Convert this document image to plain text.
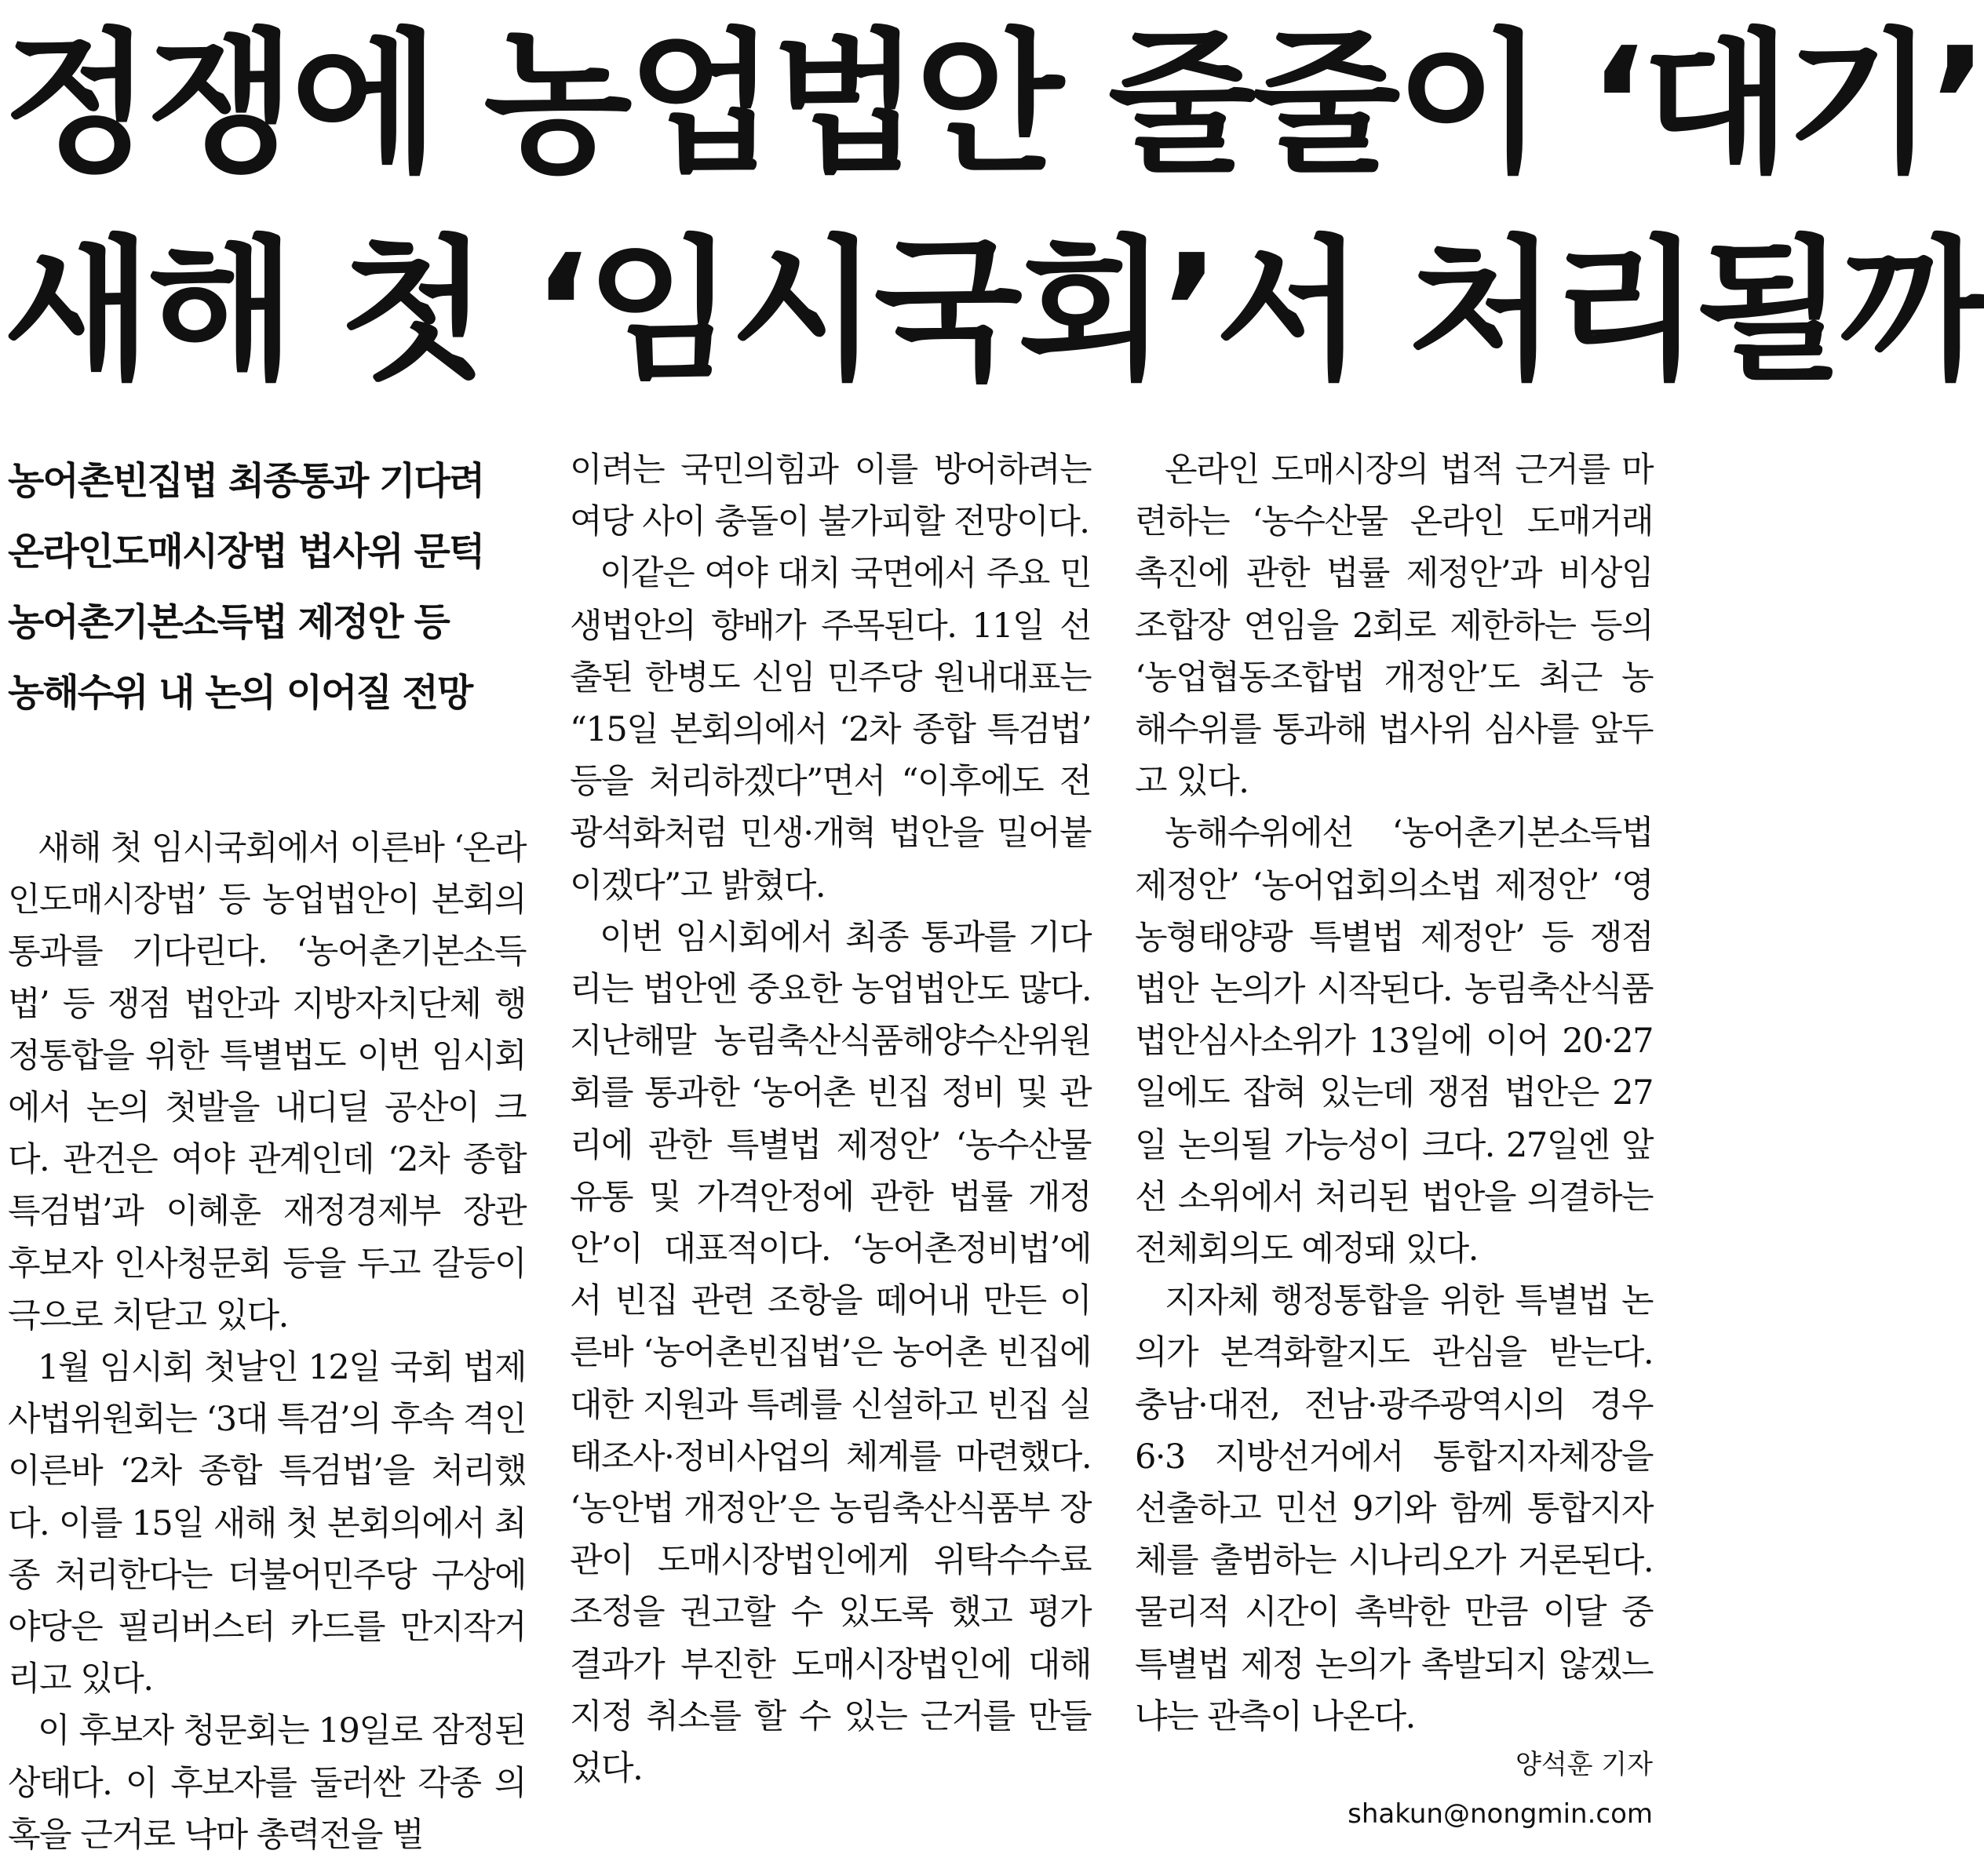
정쟁에 농업법안 줄줄이 ‘대기’
새해 첫 ‘임시국회’서 처리될까
농어촌빈집법 최종통과 기다려
온라인도매시장법 법사위 문턱
농어촌기본소득법 제정안 등
농해수위 내 논의 이어질 전망

새해 첫 임시국회에서 이른바 ‘온라인도매시장법’ 등 농업법안이 본회의 통과를 기다린다. ‘농어촌기본소득법’ 등 쟁점 법안과 지방자치단체 행정통합을 위한 특별법도 이번 임시회에서 논의 첫발을 내디딜 공산이 크다. 관건은 여야 관계인데 ‘2차 종합 특검법’과 이혜훈 재정경제부 장관 후보자 인사청문회 등을 두고 갈등이 극으로 치닫고 있다.

1월 임시회 첫날인 12일 국회 법제사법위원회는 ‘3대 특검’의 후속 격인 이른바 ‘2차 종합 특검법’을 처리했다. 이를 15일 새해 첫 본회의에서 최종 처리한다는 더불어민주당 구상에 야당은 필리버스터 카드를 만지작거리고 있다.

이 후보자 청문회는 19일로 잠정된 상태다. 이 후보자를 둘러싼 각종 의혹을 근거로 낙마 총력전을 벌

이려는 국민의힘과 이를 방어하려는 여당 사이 충돌이 불가피할 전망이다.

이같은 여야 대치 국면에서 주요 민생법안의 향배가 주목된다. 11일 선출된 한병도 신임 민주당 원내대표는 “15일 본회의에서 ‘2차 종합 특검법’ 등을 처리하겠다”면서 “이후에도 전광석화처럼 민생·개혁 법안을 밀어붙이겠다”고 밝혔다.

이번 임시회에서 최종 통과를 기다리는 법안엔 중요한 농업법안도 많다. 지난해말 농림축산식품해양수산위원회를 통과한 ‘농어촌 빈집 정비 및 관리에 관한 특별법 제정안’ ‘농수산물 유통 및 가격안정에 관한 법률 개정안’이 대표적이다. ‘농어촌정비법’에서 빈집 관련 조항을 떼어내 만든 이른바 ‘농어촌빈집법’은 농어촌 빈집에 대한 지원과 특례를 신설하고 빈집 실태조사·정비사업의 체계를 마련했다. ‘농안법 개정안’은 농림축산식품부 장관이 도매시장법인에게 위탁수수료 조정을 권고할 수 있도록 했고 평가 결과가 부진한 도매시장법인에 대해 지정 취소를 할 수 있는 근거를 만들었다.

온라인 도매시장의 법적 근거를 마련하는 ‘농수산물 온라인 도매거래 촉진에 관한 법률 제정안’과 비상임 조합장 연임을 2회로 제한하는 등의 ‘농업협동조합법 개정안’도 최근 농해수위를 통과해 법사위 심사를 앞두고 있다.

농해수위에선 ‘농어촌기본소득법 제정안’ ‘농어업회의소법 제정안’ ‘영농형태양광 특별법 제정안’ 등 쟁점 법안 논의가 시작된다. 농림축산식품법안심사소위가 13일에 이어 20·27일에도 잡혀 있는데 쟁점 법안은 27일 논의될 가능성이 크다. 27일엔 앞선 소위에서 처리된 법안을 의결하는 전체회의도 예정돼 있다.

지자체 행정통합을 위한 특별법 논의가 본격화할지도 관심을 받는다. 충남·대전, 전남·광주광역시의 경우 6·3 지방선거에서 통합지자체장을 선출하고 민선 9기와 함께 통합지자체를 출범하는 시나리오가 거론된다. 물리적 시간이 촉박한 만큼 이달 중 특별법 제정 논의가 촉발되지 않겠느냐는 관측이 나온다.

양석훈 기자

shakun@nongmin.com
